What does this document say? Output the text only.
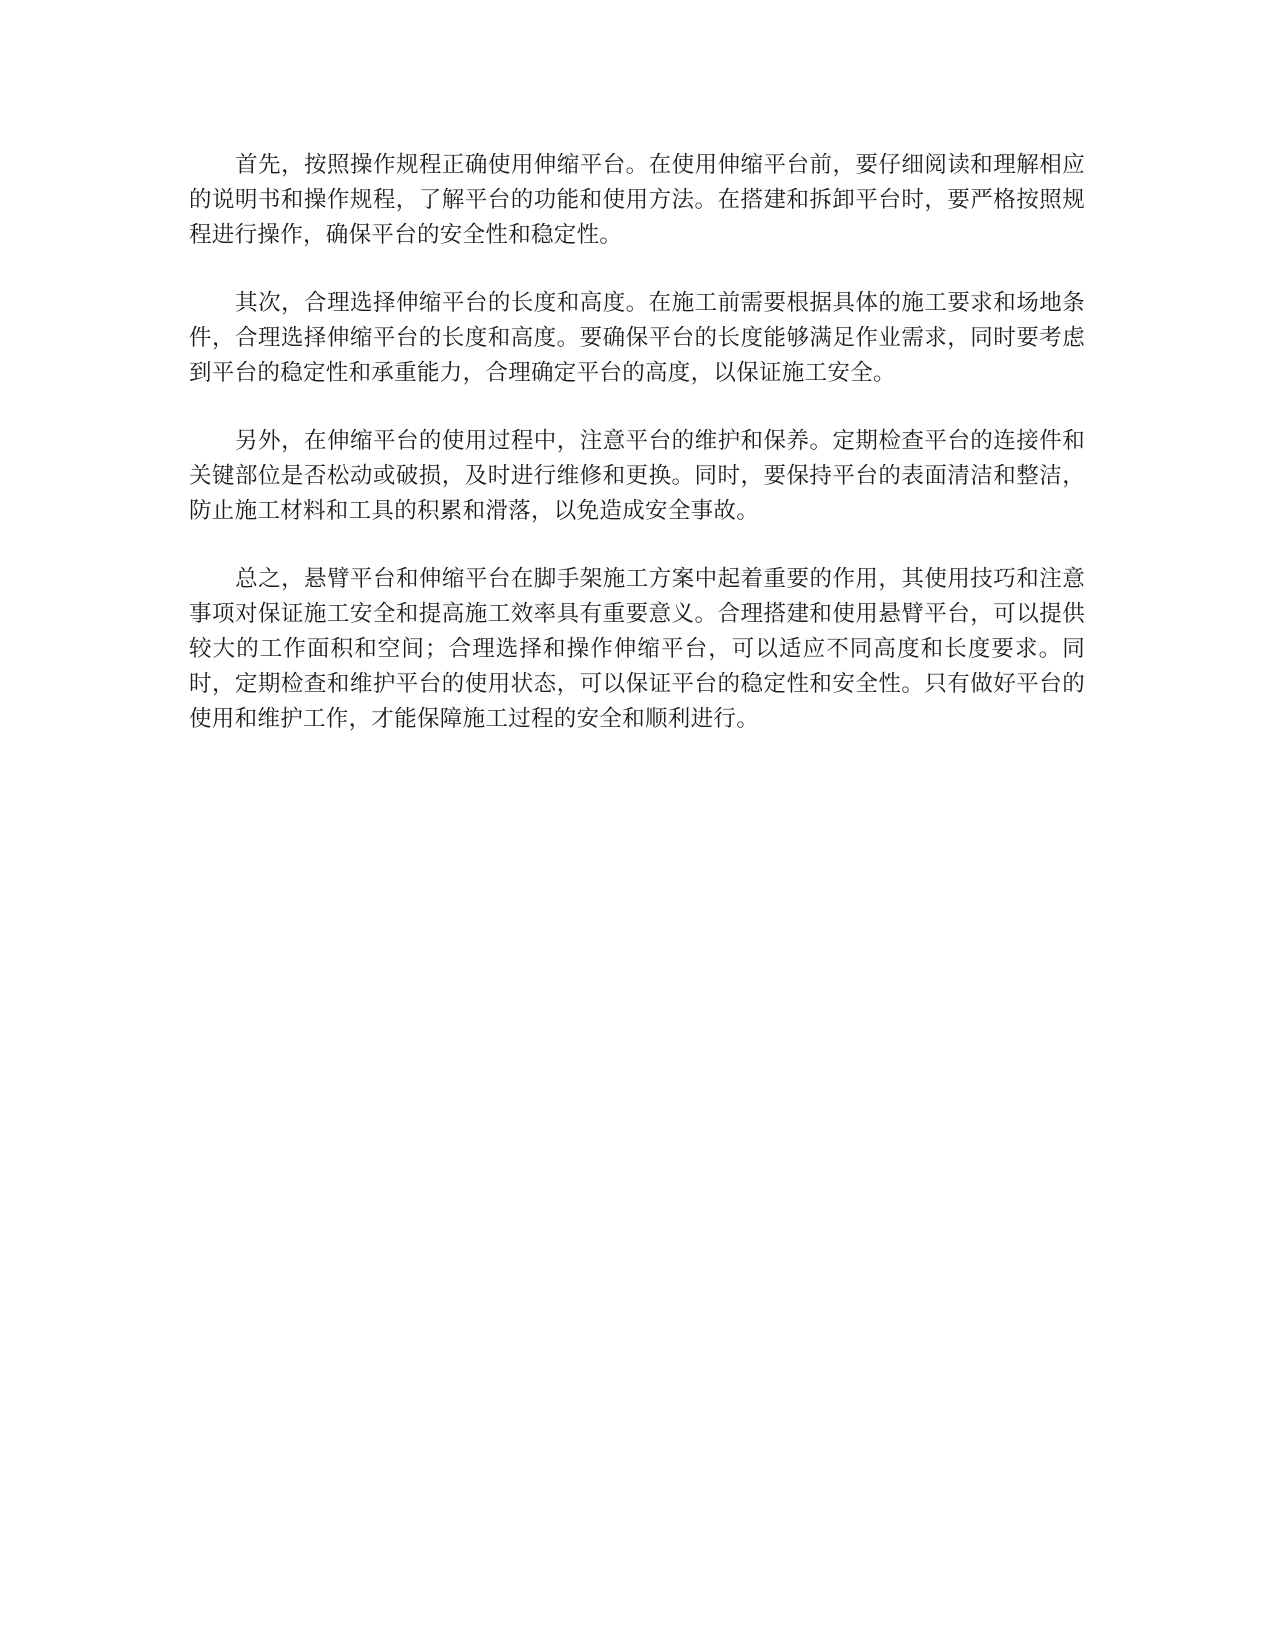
首先，按照操作规程正确使用伸缩平台。在使用伸缩平台前，要仔细阅读和理解相应的说明书和操作规程，了解平台的功能和使用方法。在搭建和拆卸平台时，要严格按照规程进行操作，确保平台的安全性和稳定性。

其次，合理选择伸缩平台的长度和高度。在施工前需要根据具体的施工要求和场地条件，合理选择伸缩平台的长度和高度。要确保平台的长度能够满足作业需求，同时要考虑到平台的稳定性和承重能力，合理确定平台的高度，以保证施工安全。

另外，在伸缩平台的使用过程中，注意平台的维护和保养。定期检查平台的连接件和关键部位是否松动或破损，及时进行维修和更换。同时，要保持平台的表面清洁和整洁，防止施工材料和工具的积累和滑落，以免造成安全事故。

总之，悬臂平台和伸缩平台在脚手架施工方案中起着重要的作用，其使用技巧和注意事项对保证施工安全和提高施工效率具有重要意义。合理搭建和使用悬臂平台，可以提供较大的工作面积和空间；合理选择和操作伸缩平台，可以适应不同高度和长度要求。同时，定期检查和维护平台的使用状态，可以保证平台的稳定性和安全性。只有做好平台的使用和维护工作，才能保障施工过程的安全和顺利进行。
